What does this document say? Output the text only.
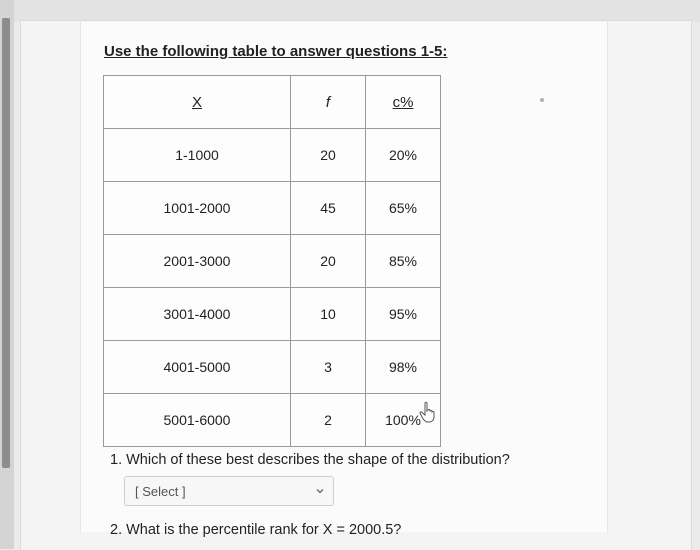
Use the following table to answer questions 1-5:
X	f	c%
1-1000	20	20%
1001-2000	45	65%
2001-3000	20	85%
3001-4000	10	95%
4001-5000	3	98%
5001-6000	2	100%
1. Which of these best describes the shape of the distribution?
[ Select ]
2. What is the percentile rank for X = 2000.5?
